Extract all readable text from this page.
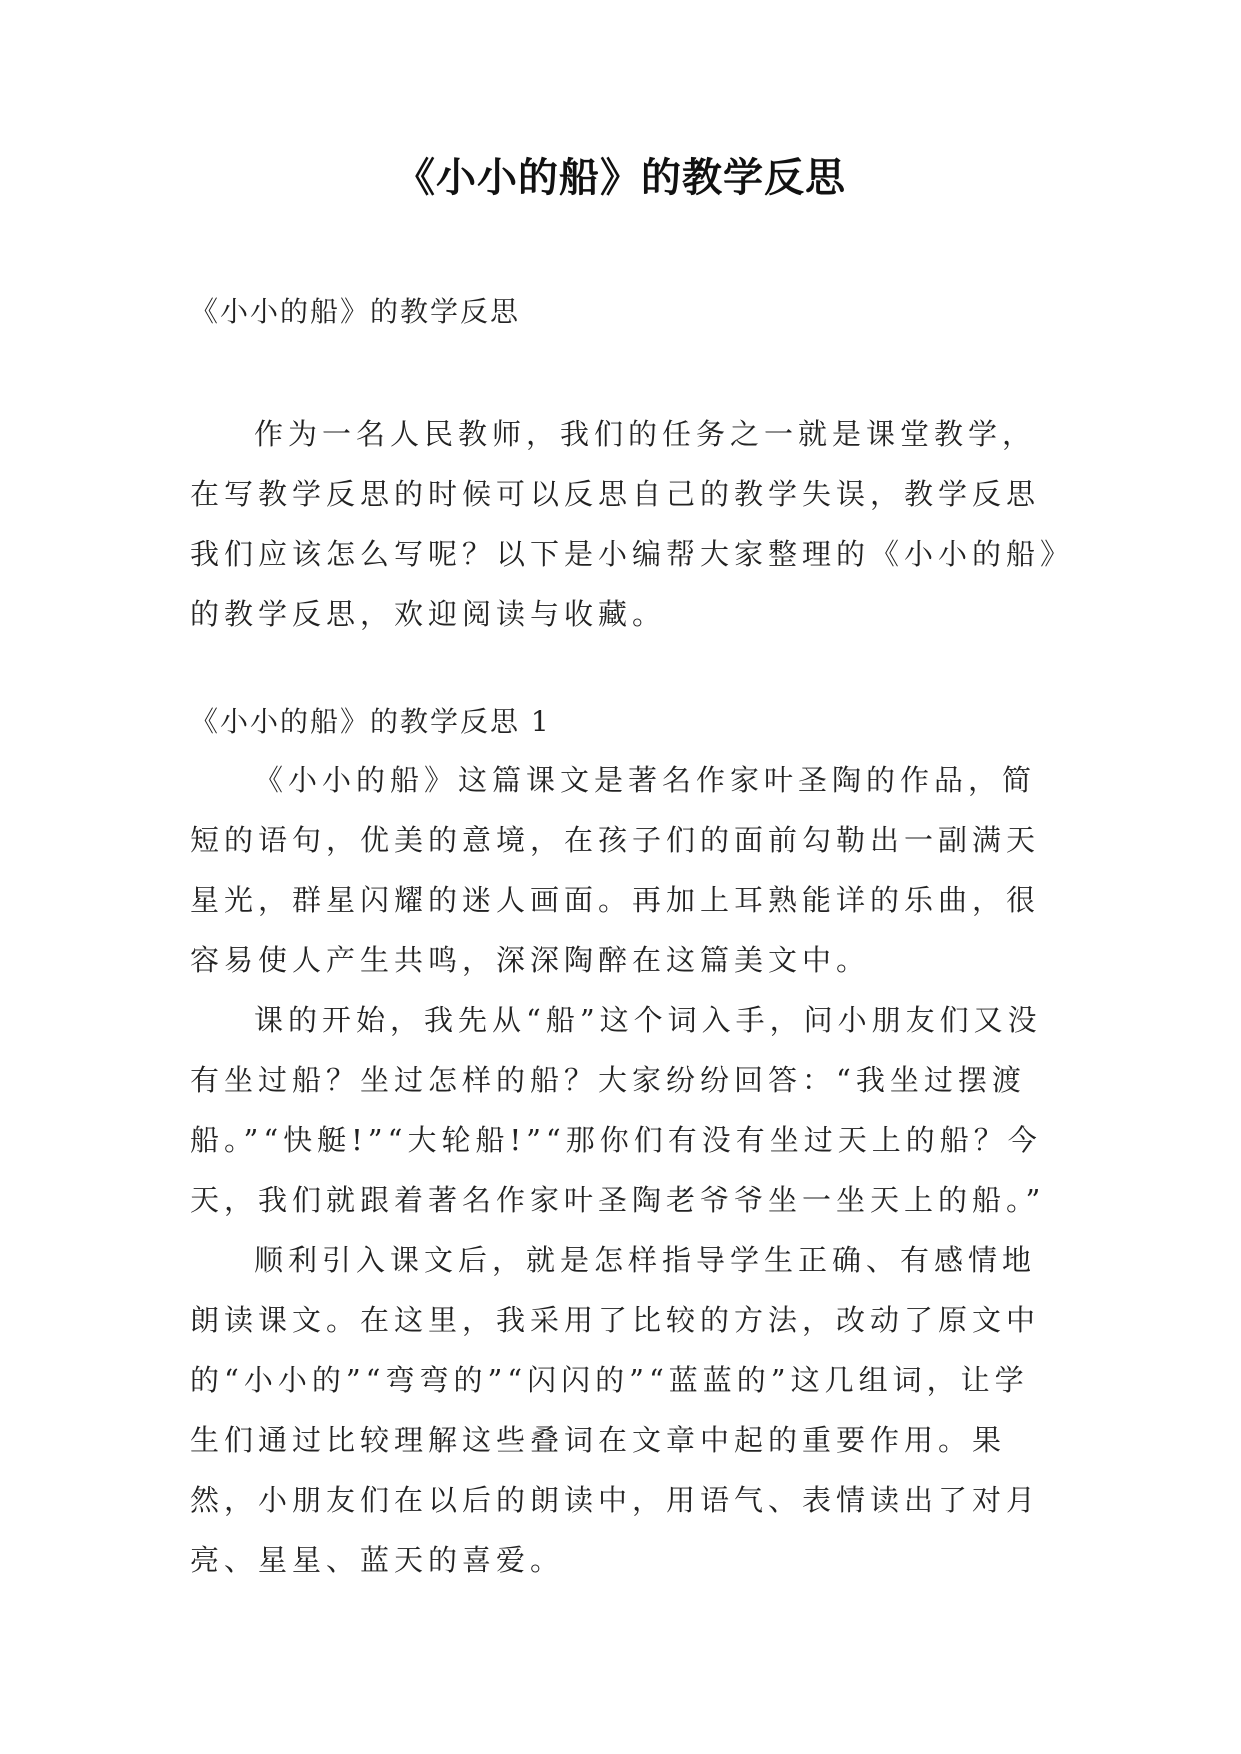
《小小的船》的教学反思
《小小的船》的教学反思

作为一名人民教师，我们的任务之一就是课堂教学，在写教学反思的时候可以反思自己的教学失误，教学反思我们应该怎么写呢？以下是小编帮大家整理的《小小的船》的教学反思，欢迎阅读与收藏。

《小小的船》的教学反思 1

《小小的船》这篇课文是著名作家叶圣陶的作品，简短的语句，优美的意境，在孩子们的面前勾勒出一副满天星光，群星闪耀的迷人画面。再加上耳熟能详的乐曲，很容易使人产生共鸣，深深陶醉在这篇美文中。

课的开始，我先从“船”这个词入手，问小朋友们又没有坐过船？坐过怎样的船？大家纷纷回答：“我坐过摆渡船。”“快艇!”“大轮船!”“那你们有没有坐过天上的船？今天，我们就跟着著名作家叶圣陶老爷爷坐一坐天上的船。”

顺利引入课文后，就是怎样指导学生正确、有感情地朗读课文。在这里，我采用了比较的方法，改动了原文中的“小小的”“弯弯的”“闪闪的”“蓝蓝的”这几组词，让学生们通过比较理解这些叠词在文章中起的重要作用。果然，小朋友们在以后的朗读中，用语气、表情读出了对月亮、星星、蓝天的喜爱。
